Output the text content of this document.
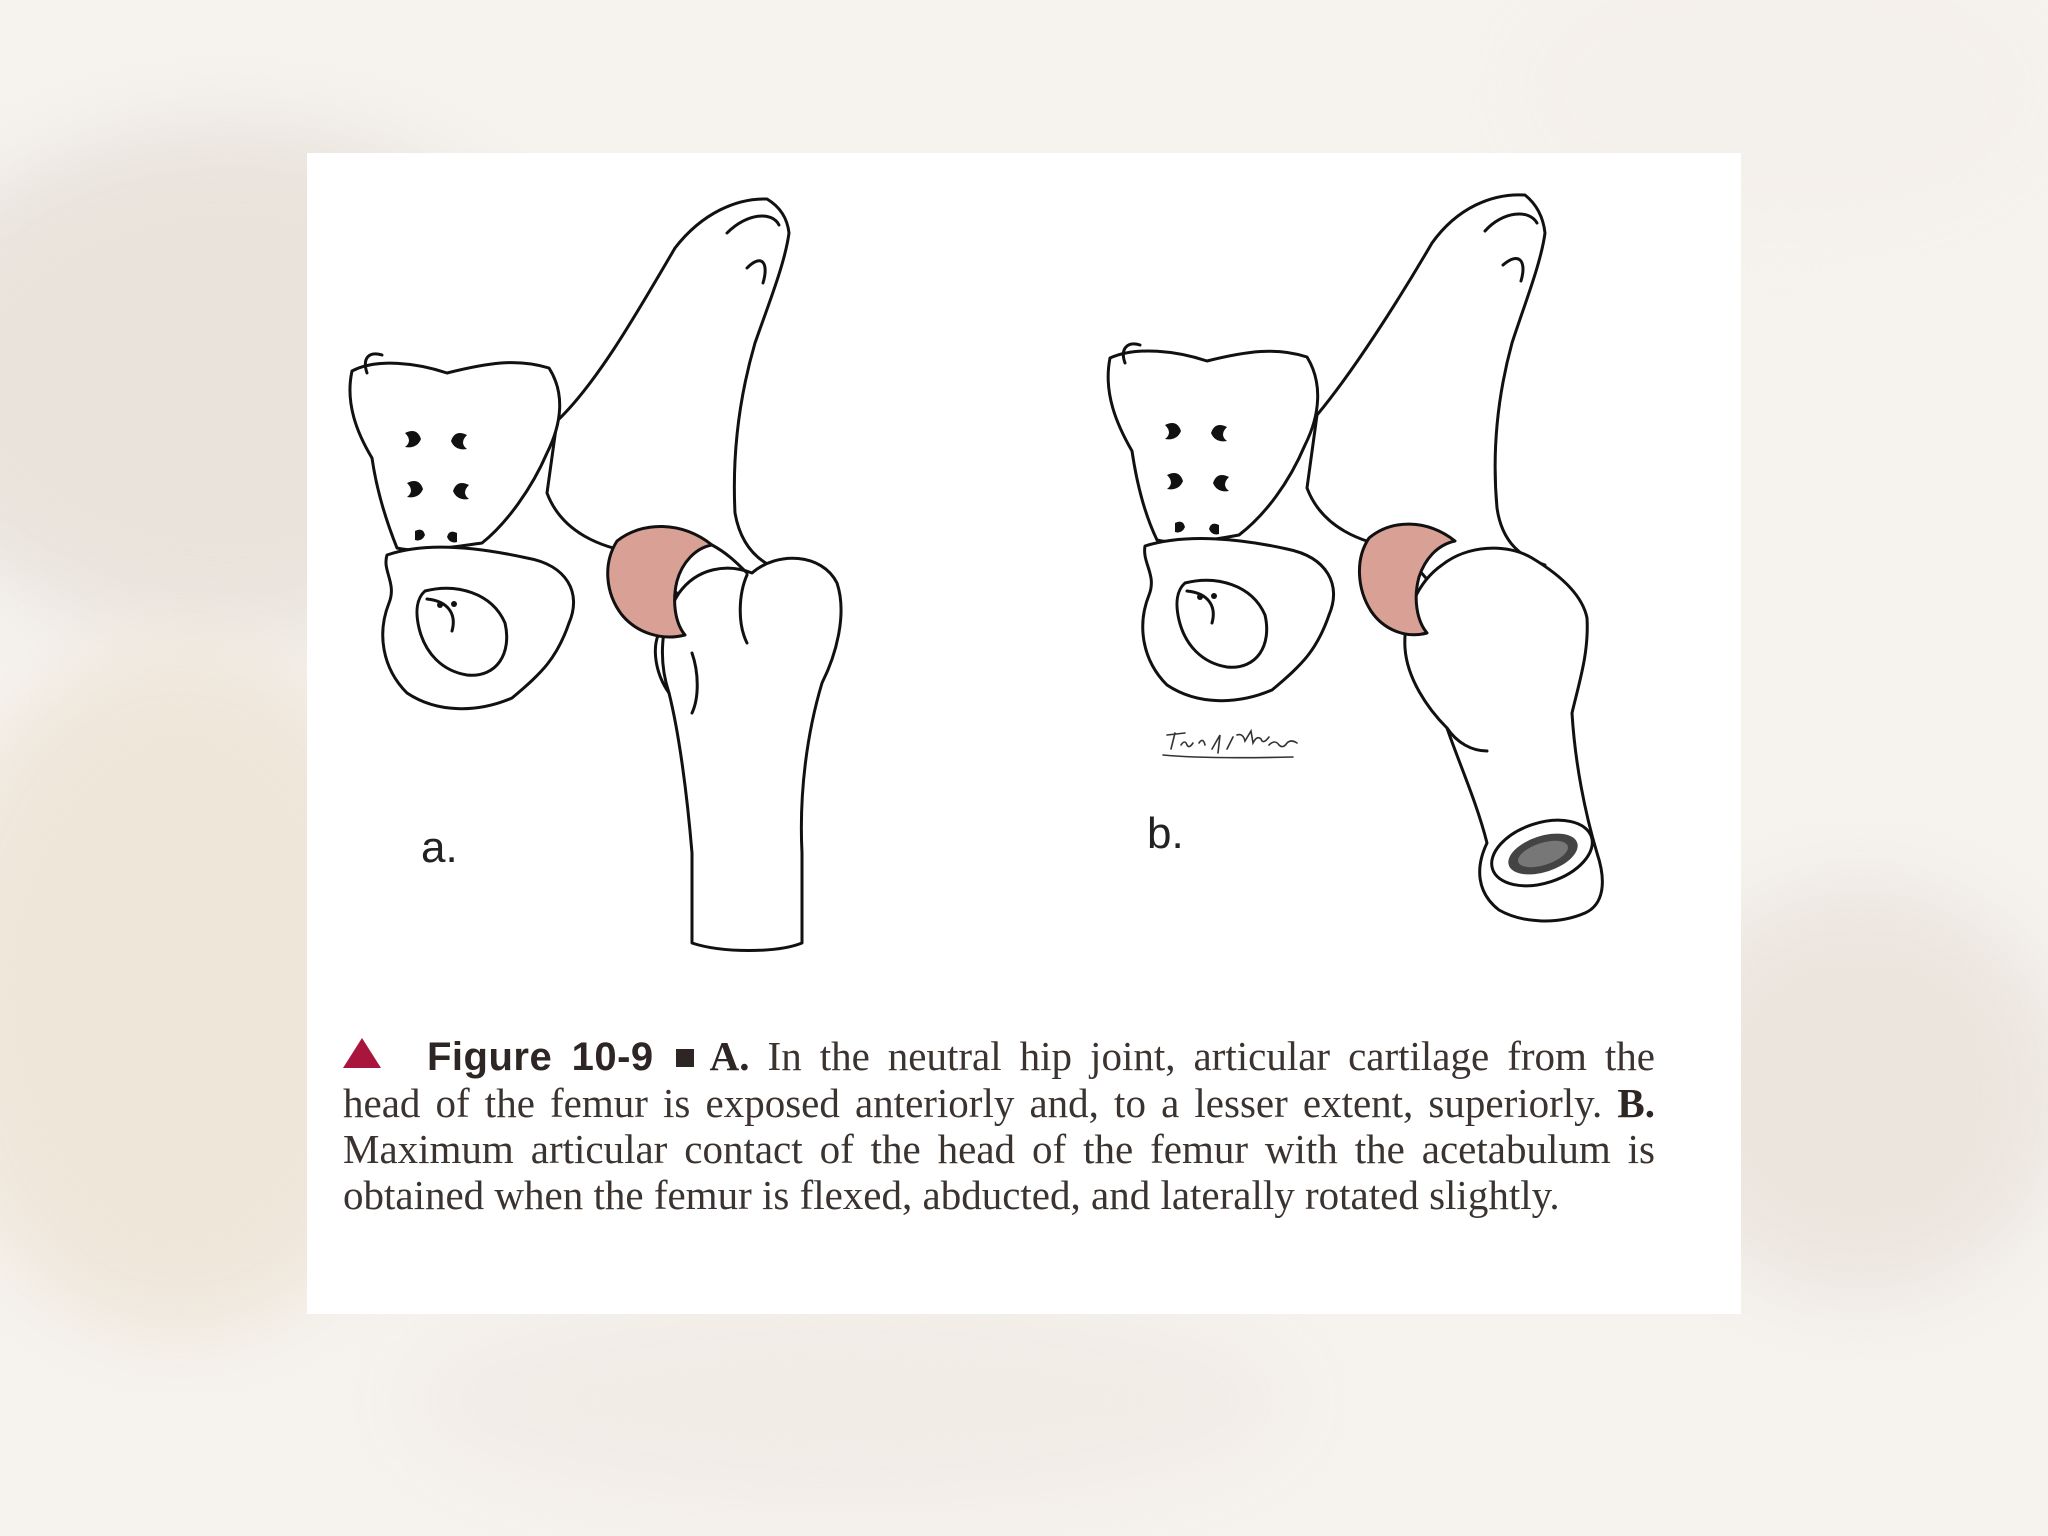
a.	b.
Figure 10-9 A. In the neutral hip joint, articular cartilage from the head of the femur is exposed anteriorly and, to a lesser extent, superiorly. B. Maximum articular contact of the head of the femur with the acetabulum is obtained when the femur is flexed, abducted, and laterally rotated slightly.
